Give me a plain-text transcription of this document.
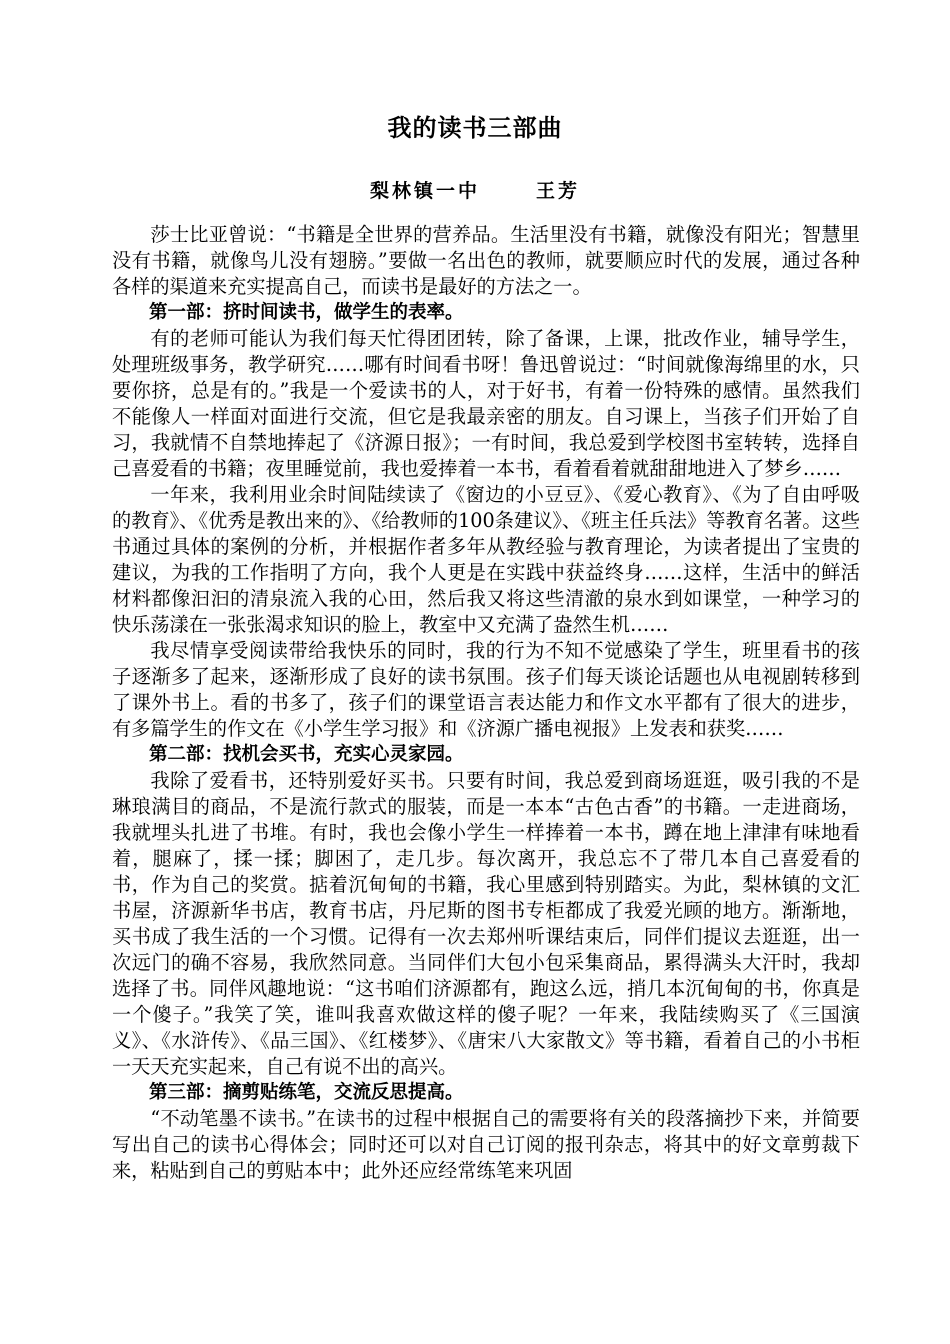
我的读书三部曲
梨林镇一中	王芳

莎士比亚曾说：“书籍是全世界的营养品。生活里没有书籍，就像没有阳光；智慧里没有书籍，就像鸟儿没有翅膀。”要做一名出色的教师，就要顺应时代的发展，通过各种各样的渠道来充实提高自己，而读书是最好的方法之一。

第一部：挤时间读书，做学生的表率。

有的老师可能认为我们每天忙得团团转，除了备课，上课，批改作业，辅导学生，处理班级事务，教学研究……哪有时间看书呀！鲁迅曾说过：“时间就像海绵里的水，只要你挤，总是有的。”我是一个爱读书的人，对于好书，有着一份特殊的感情。虽然我们不能像人一样面对面进行交流，但它是我最亲密的朋友。自习课上，当孩子们开始了自习，我就情不自禁地捧起了《济源日报》；一有时间，我总爱到学校图书室转转，选择自己喜爱看的书籍；夜里睡觉前，我也爱捧着一本书，看着看着就甜甜地进入了梦乡……

一年来，我利用业余时间陆续读了《窗边的小豆豆》、《爱心教育》、《为了自由呼吸的教育》、《优秀是教出来的》、《给教师的100条建议》、《班主任兵法》等教育名著。这些书通过具体的案例的分析，并根据作者多年从教经验与教育理论，为读者提出了宝贵的建议，为我的工作指明了方向，我个人更是在实践中获益终身……这样，生活中的鲜活材料都像汩汩的清泉流入我的心田，然后我又将这些清澈的泉水到如课堂，一种学习的快乐荡漾在一张张渴求知识的脸上，教室中又充满了盎然生机……

我尽情享受阅读带给我快乐的同时，我的行为不知不觉感染了学生，班里看书的孩子逐渐多了起来，逐渐形成了良好的读书氛围。孩子们每天谈论话题也从电视剧转移到了课外书上。看的书多了，孩子们的课堂语言表达能力和作文水平都有了很大的进步，有多篇学生的作文在《小学生学习报》和《济源广播电视报》上发表和获奖……

第二部：找机会买书，充实心灵家园。

我除了爱看书，还特别爱好买书。只要有时间，我总爱到商场逛逛，吸引我的不是琳琅满目的商品，不是流行款式的服装，而是一本本“古色古香”的书籍。一走进商场，我就埋头扎进了书堆。有时，我也会像小学生一样捧着一本书，蹲在地上津津有味地看着，腿麻了，揉一揉；脚困了，走几步。每次离开，我总忘不了带几本自己喜爱看的书，作为自己的奖赏。掂着沉甸甸的书籍，我心里感到特别踏实。为此，梨林镇的文汇书屋，济源新华书店，教育书店，丹尼斯的图书专柜都成了我爱光顾的地方。渐渐地，买书成了我生活的一个习惯。记得有一次去郑州听课结束后，同伴们提议去逛逛，出一次远门的确不容易，我欣然同意。当同伴们大包小包采集商品，累得满头大汗时，我却选择了书。同伴风趣地说：“这书咱们济源都有，跑这么远，捎几本沉甸甸的书，你真是一个傻子。”我笑了笑，谁叫我喜欢做这样的傻子呢？一年来，我陆续购买了《三国演义》、《水浒传》、《品三国》、《红楼梦》、《唐宋八大家散文》等书籍，看着自己的小书柜一天天充实起来，自己有说不出的高兴。

第三部：摘剪贴练笔，交流反思提高。

“不动笔墨不读书。”在读书的过程中根据自己的需要将有关的段落摘抄下来，并简要写出自己的读书心得体会；同时还可以对自己订阅的报刊杂志，将其中的好文章剪裁下来，粘贴到自己的剪贴本中；此外还应经常练笔来巩固
